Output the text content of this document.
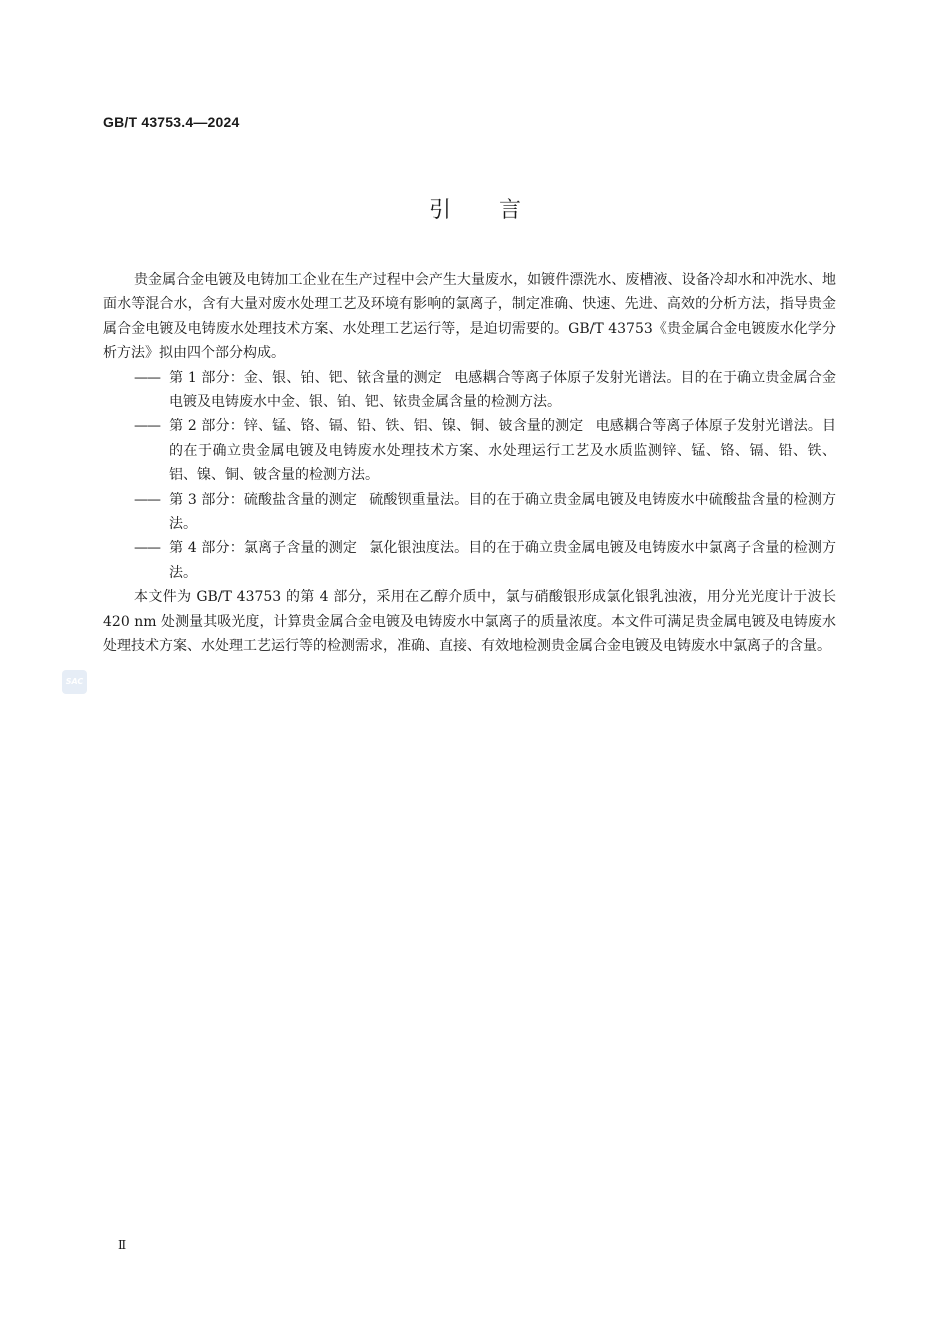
GB/T 43753.4—2024
引言

贵金属合金电镀及电铸加工企业在生产过程中会产生大量废水，如镀件漂洗水、废槽液、设备冷却水和冲洗水、地面水等混合水，含有大量对废水处理工艺及环境有影响的氯离子，制定准确、快速、先进、高效的分析方法，指导贵金属合金电镀及电铸废水处理技术方案、水处理工艺运行等，是迫切需要的。GB/T 43753《贵金属合金电镀废水化学分析方法》拟由四个部分构成。

—— 第 1 部分：金、银、铂、钯、铱含量的测定 电感耦合等离子体原子发射光谱法。目的在于确立贵金属合金电镀及电铸废水中金、银、铂、钯、铱贵金属含量的检测方法。
—— 第 2 部分：锌、锰、铬、镉、铅、铁、铝、镍、铜、铍含量的测定 电感耦合等离子体原子发射光谱法。目的在于确立贵金属电镀及电铸废水处理技术方案、水处理运行工艺及水质监测锌、锰、铬、镉、铅、铁、铝、镍、铜、铍含量的检测方法。
—— 第 3 部分：硫酸盐含量的测定 硫酸钡重量法。目的在于确立贵金属电镀及电铸废水中硫酸盐含量的检测方法。
—— 第 4 部分：氯离子含量的测定 氯化银浊度法。目的在于确立贵金属电镀及电铸废水中氯离子含量的检测方法。

本文件为 GB/T 43753 的第 4 部分，采用在乙醇介质中，氯与硝酸银形成氯化银乳浊液，用分光光度计于波长 420 nm 处测量其吸光度，计算贵金属合金电镀及电铸废水中氯离子的质量浓度。本文件可满足贵金属电镀及电铸废水处理技术方案、水处理工艺运行等的检测需求，准确、直接、有效地检测贵金属合金电镀及电铸废水中氯离子的含量。

SAC
Ⅱ
